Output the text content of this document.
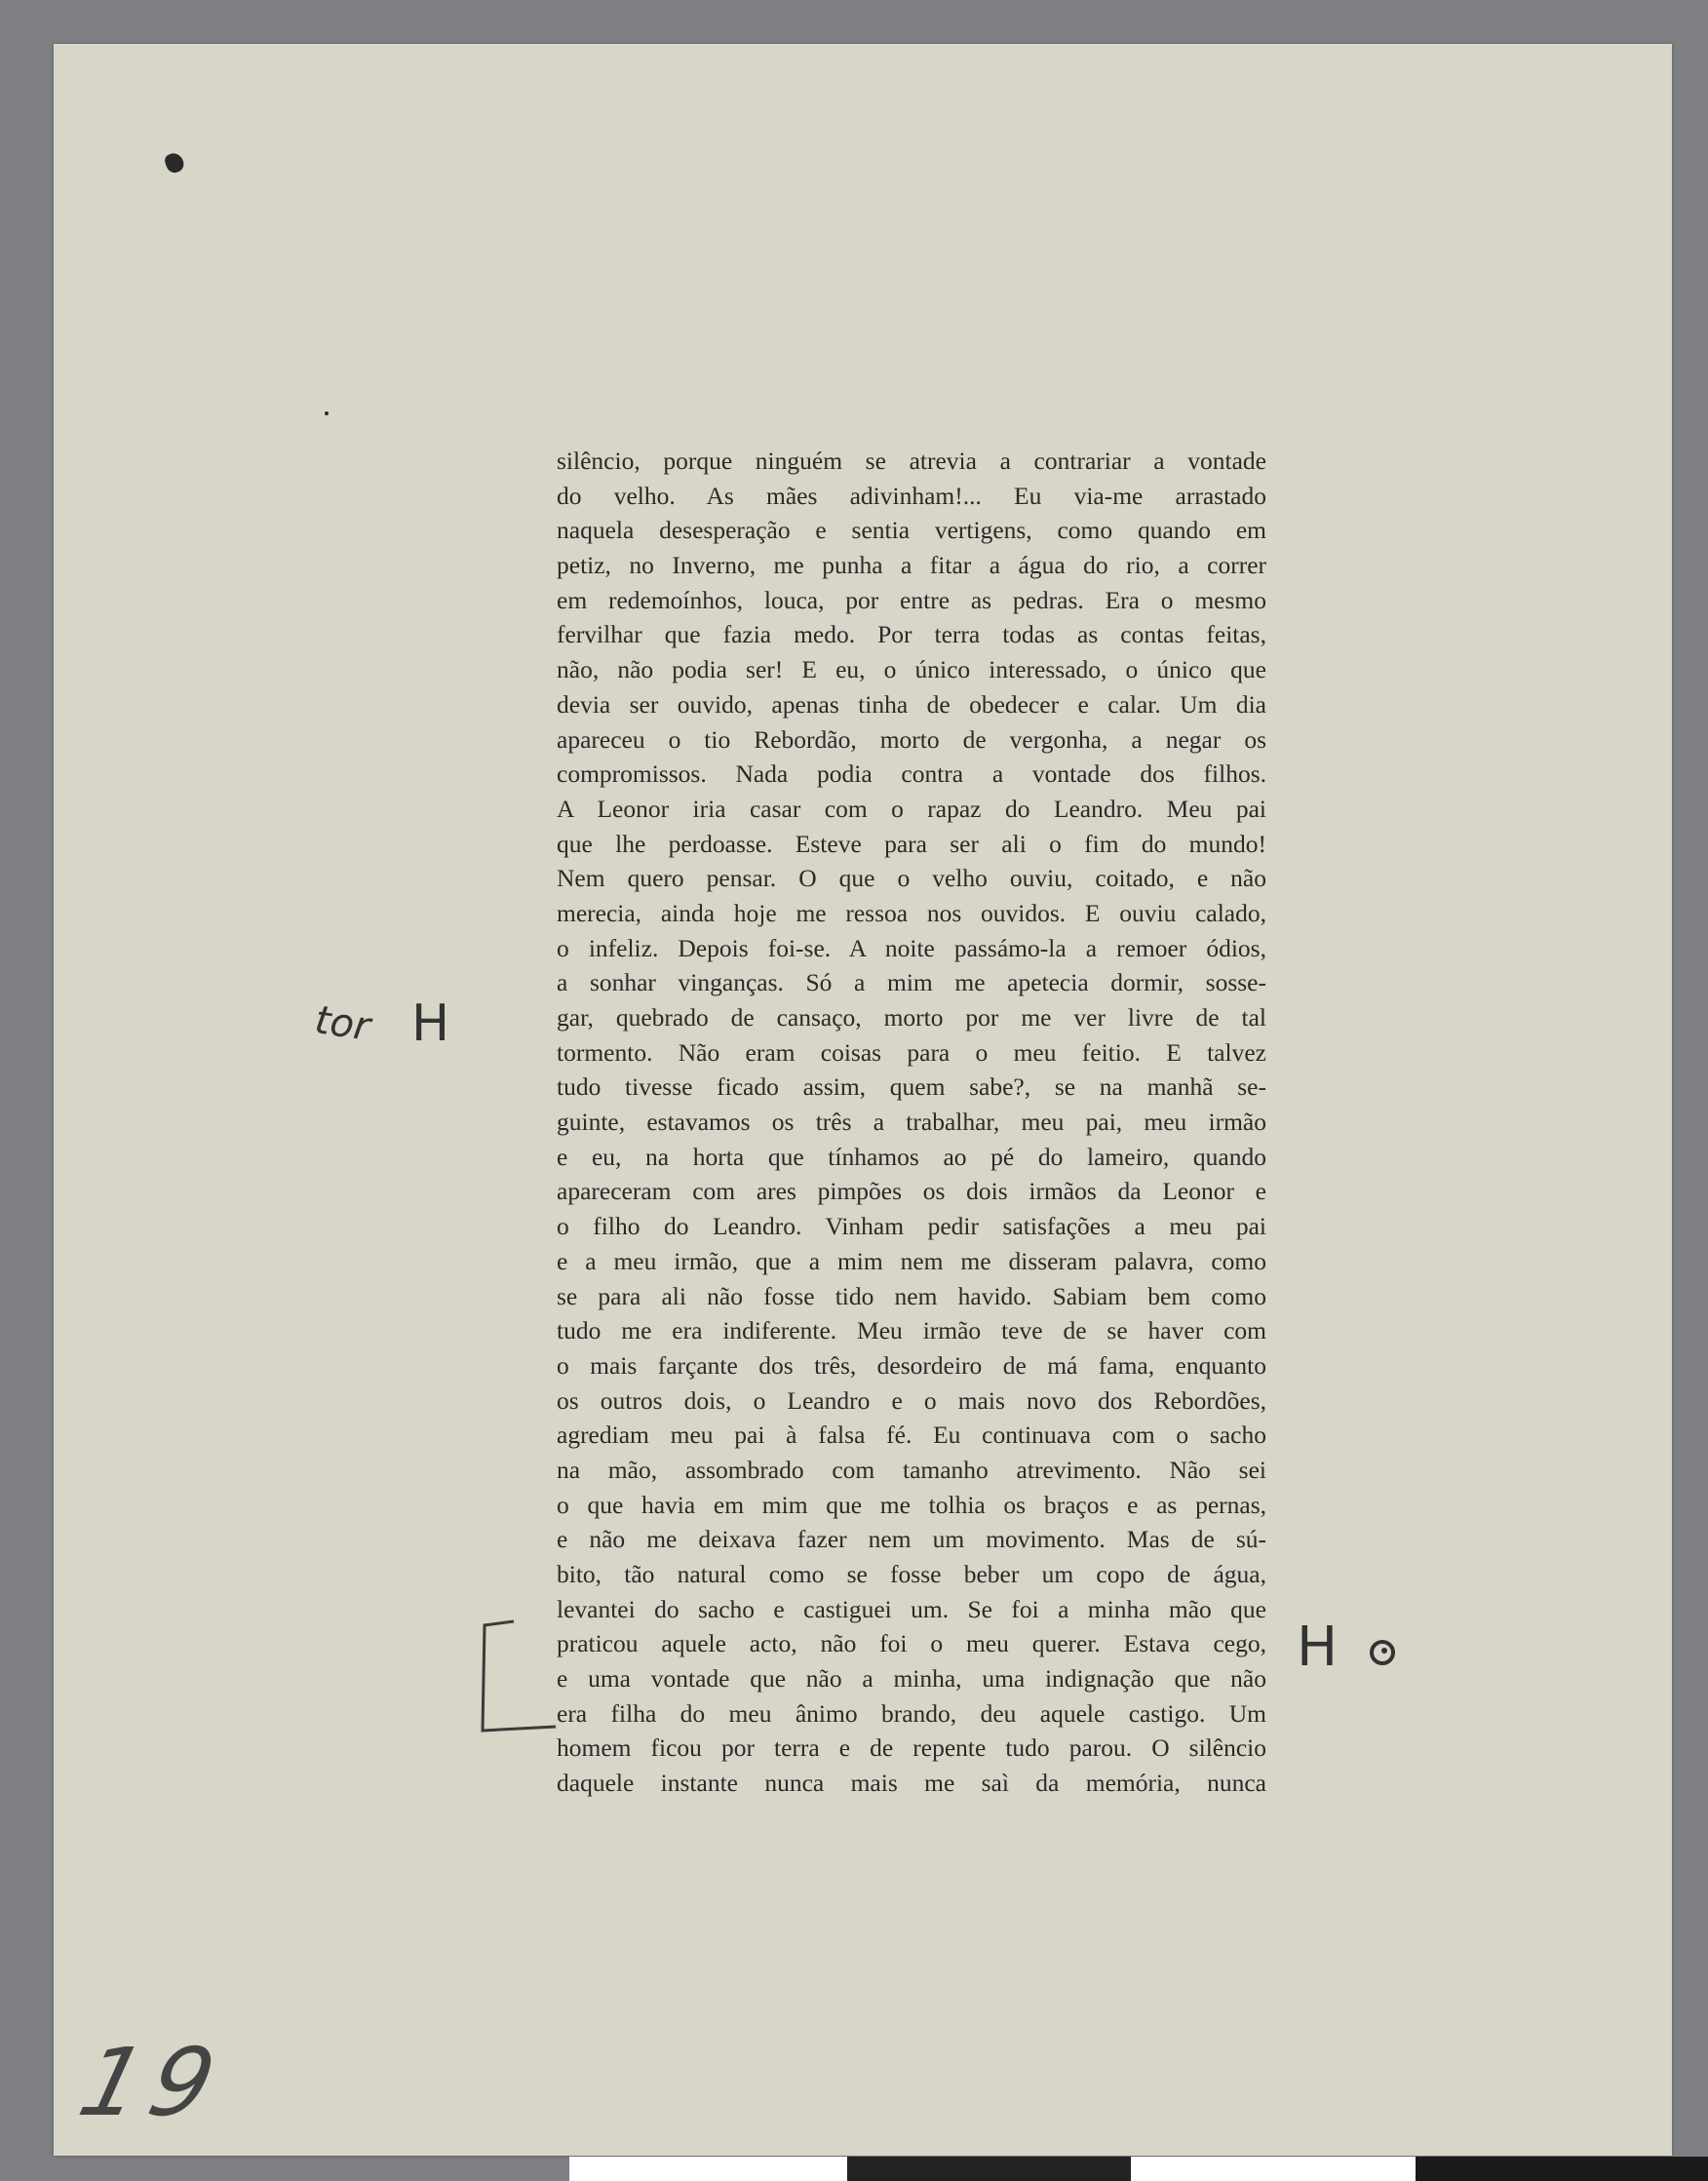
silêncio, porque ninguém se atrevia a contrariar a vontade
do velho. As mães adivinham!... Eu via-me arrastado
naquela desesperação e sentia vertigens, como quando em
petiz, no Inverno, me punha a fitar a água do rio, a correr
em redemoínhos, louca, por entre as pedras. Era o mesmo
fervilhar que fazia medo. Por terra todas as contas feitas,
não, não podia ser! E eu, o único interessado, o único que
devia ser ouvido, apenas tinha de obedecer e calar. Um dia
apareceu o tio Rebordão, morto de vergonha, a negar os
compromissos. Nada podia contra a vontade dos filhos.
A Leonor iria casar com o rapaz do Leandro. Meu pai
que lhe perdoasse. Esteve para ser ali o fim do mundo!
Nem quero pensar. O que o velho ouviu, coitado, e não
merecia, ainda hoje me ressoa nos ouvidos. E ouviu calado,
o infeliz. Depois foi-se. A noite passámo-la a remoer ódios,
a sonhar vinganças. Só a mim me apetecia dormir, sosse-
gar, quebrado de cansaço, morto por me ver livre de tal
tormento. Não eram coisas para o meu feitio. E talvez
tudo tivesse ficado assim, quem sabe?, se na manhã se-
guinte, estavamos os três a trabalhar, meu pai, meu irmão
e eu, na horta que tínhamos ao pé do lameiro, quando
apareceram com ares pimpões os dois irmãos da Leonor e
o filho do Leandro. Vinham pedir satisfações a meu pai
e a meu irmão, que a mim nem me disseram palavra, como
se para ali não fosse tido nem havido. Sabiam bem como
tudo me era indiferente. Meu irmão teve de se haver com
o mais farçante dos três, desordeiro de má fama, enquanto
os outros dois, o Leandro e o mais novo dos Rebordões,
agrediam meu pai à falsa fé. Eu continuava com o sacho
na mão, assombrado com tamanho atrevimento. Não sei
o que havia em mim que me tolhia os braços e as pernas,
e não me deixava fazer nem um movimento. Mas de sú-
bito, tão natural como se fosse beber um copo de água,
levantei do sacho e castiguei um. Se foi a minha mão que
praticou aquele acto, não foi o meu querer. Estava cego,
e uma vontade que não a minha, uma indignação que não
era filha do meu ânimo brando, deu aquele castigo. Um
homem ficou por terra e de repente tudo parou. O silêncio
daquele instante nunca mais me saì da memória, nunca
tor H
H
19
